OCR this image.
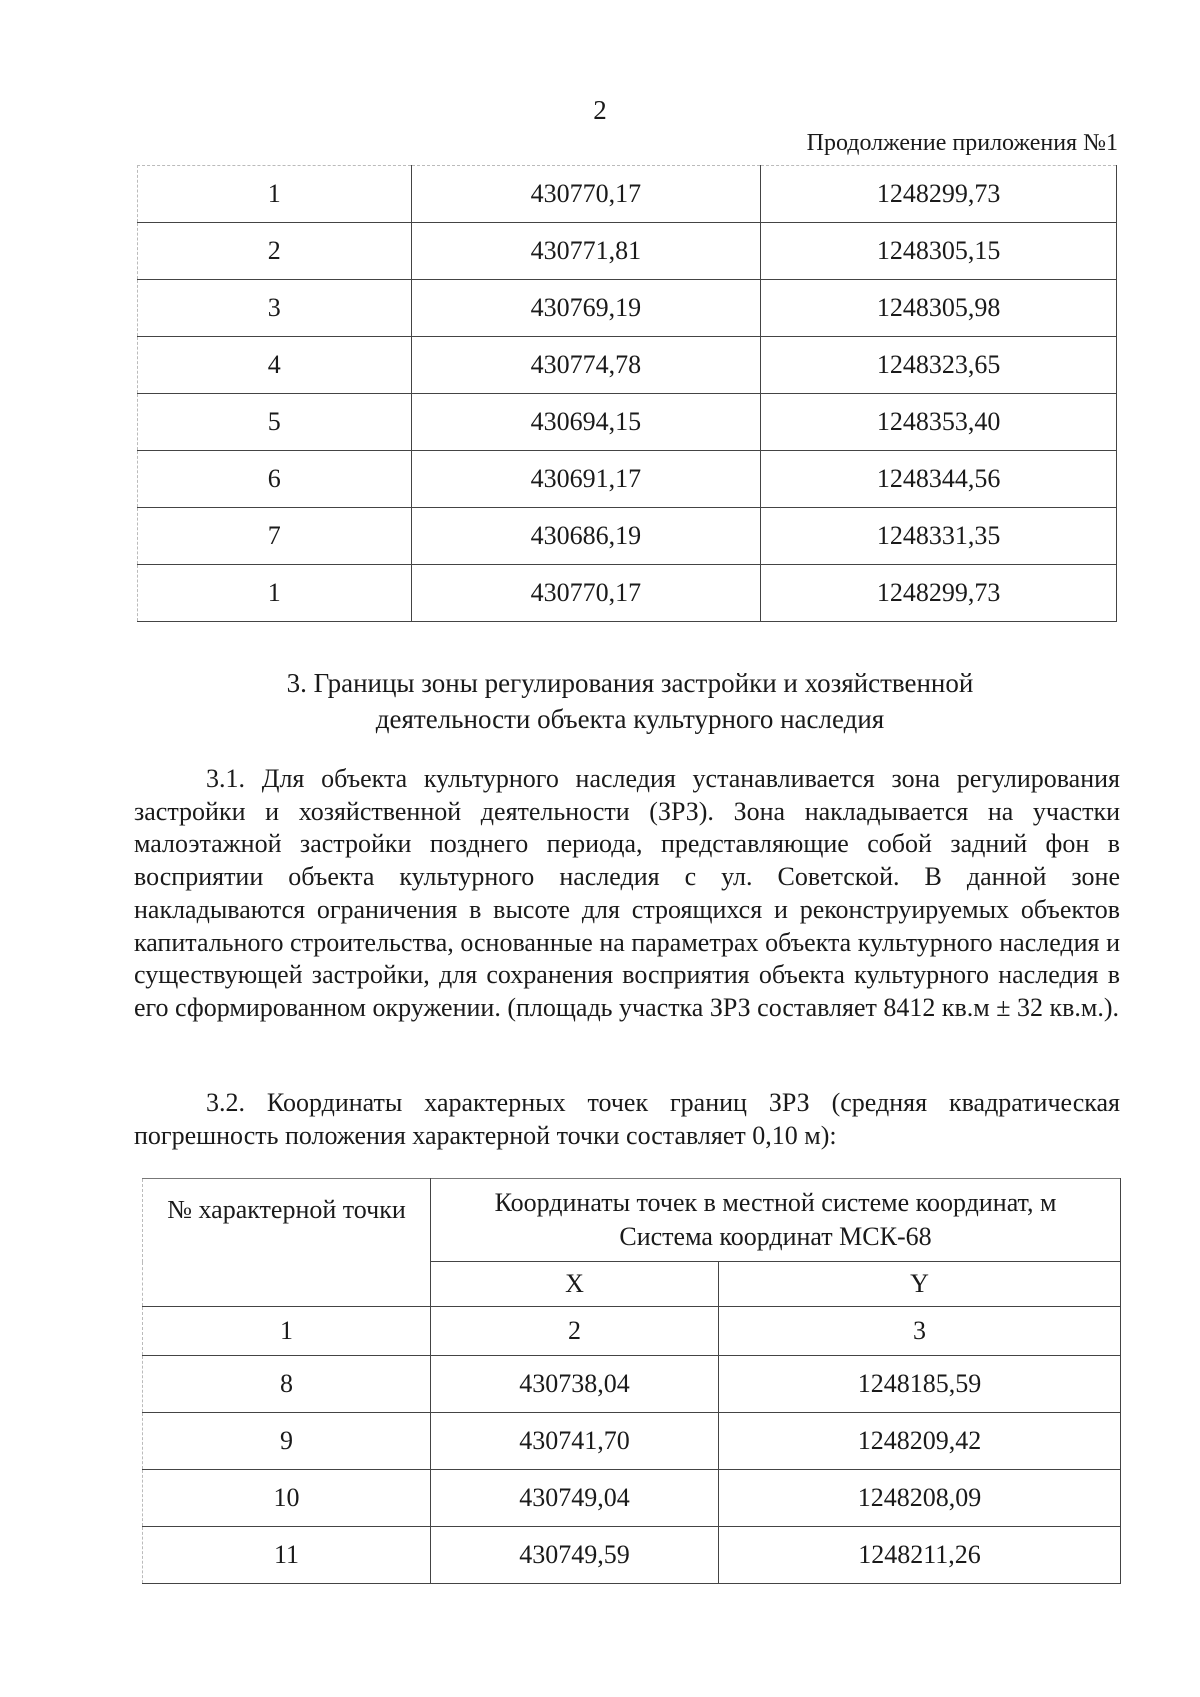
2
Продолжение приложения №1
1	430770,17	1248299,73
2	430771,81	1248305,15
3	430769,19	1248305,98
4	430774,78	1248323,65
5	430694,15	1248353,40
6	430691,17	1248344,56
7	430686,19	1248331,35
1	430770,17	1248299,73
3. Границы зоны регулирования застройки и хозяйственной
деятельности объекта культурного наследия
3.1. Для объекта культурного наследия устанавливается зона регулирования застройки и хозяйственной деятельности (ЗРЗ). Зона накладывается на участки малоэтажной застройки позднего периода, представляющие собой задний фон в восприятии объекта культурного наследия с ул. Советской. В данной зоне накладываются ограничения в высоте для строящихся и реконструируемых объектов капитального строительства, основанные на параметрах объекта культурного наследия и существующей застройки, для сохранения восприятия объекта культурного наследия в его сформированном окружении. (площадь участка ЗРЗ составляет 8412 кв.м ± 32 кв.м.).
3.2. Координаты характерных точек границ ЗРЗ (средняя квадратическая погрешность положения характерной точки составляет 0,10 м):
№ характерной точки	Координаты точек в местной системе координат, м
Система координат МСК-68	

	X	Y
1	2	3
8	430738,04	1248185,59
9	430741,70	1248209,42
10	430749,04	1248208,09
11	430749,59	1248211,26
